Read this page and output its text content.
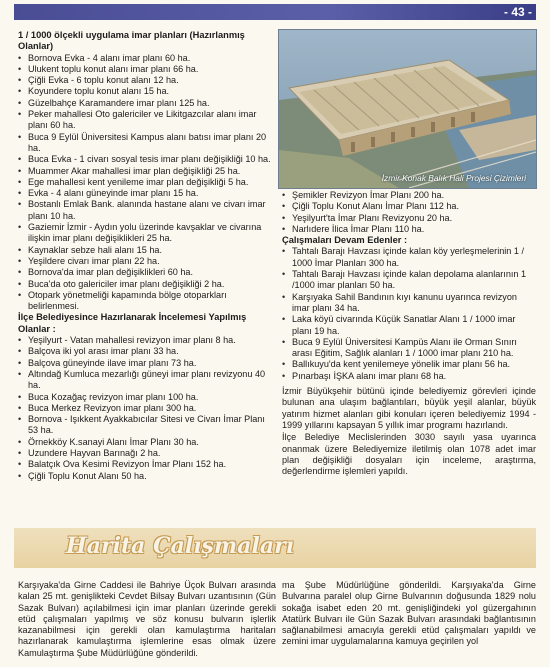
- 43 -

1 / 1000 ölçekli uygulama imar planları (Hazırlanmış Olanlar)

• Bornova Evka - 4 alanı imar planı 60 ha.
• Ulukent toplu konut alanı imar planı 66 ha.
• Çiğli Evka - 6 toplu konut alanı 12 ha.
• Koyundere toplu konut alanı 15 ha.
• Güzelbahçe Karamandere imar planı 125 ha.
• Peker mahallesi Oto galericiler ve Likitgazcılar alanı imar planı 60 ha.
• Buca 9 Eylül Üniversitesi Kampus alanı batısı imar planı 20 ha.
• Buca Evka - 1 civarı sosyal tesis imar planı değişikliği 10 ha.
• Muammer Akar mahallesi imar plan değişikliği 25 ha.
• Ege mahallesi kent yenileme imar plan değişikliği 5 ha.
• Evka - 4 alanı güneyinde imar planı 15 ha.
• Bostanlı Emlak Bank. alanında hastane alanı ve civarı imar planı 10 ha.
• Gaziemir İzmir - Aydın yolu üzerinde kavşaklar ve civarına ilişkin imar planı değişiklikleri 25 ha.
• Kaynaklar sebze hali alanı 15 ha.
• Yeşildere civarı imar planı 22 ha.
• Bornova'da imar plan değişiklikleri 60 ha.
• Buca'da oto galericiler imar planı değişikliği 2 ha.
• Otopark yönetmeliği kapamında bölge otoparkları belirlenmesi.

İlçe Belediyesince Hazırlanarak İncelemesi Yapılmış Olanlar :

• Yeşilyurt - Vatan mahallesi revizyon imar planı 8 ha.
• Balçova iki yol arası imar planı 33 ha.
• Balçova güneyinde ilave imar planı 73 ha.
• Altındağ Kumluca mezarlığı güneyi imar planı revizyonu 40 ha.
• Buca Kozağaç revizyon imar planı 100 ha.
• Buca Merkez Revizyon imar planı 300 ha.
• Bornova - Işıkkent Ayakkabıcılar Sitesi ve Civarı İmar Planı 53 ha.
• Örnekköy K.sanayi Alanı İmar Planı 30 ha.
• Uzundere Hayvan Barınağı 2 ha.
• Balatçık Ova Kesimi Revizyon İmar Planı 152 ha.
• Çiğli Toplu Konut Alanı 50 ha.
İzmir Konak Balık Hali Projesi Çizimleri
• Şemikler Revizyon İmar Planı 200 ha.
• Çiğli Toplu Konut Alanı İmar Planı 112 ha.
• Yeşilyurt'ta İmar Planı Revizyonu 20 ha.
• Narlıdere İlica İmar Planı 110 ha.

Çalışmaları Devam Edenler :

• Tahtalı Barajı Havzası içinde kalan köy yerleşmelerinin 1 / 1000 İmar Planları 300 ha.
• Tahtalı Barajı Havzası içinde kalan depolama alanlarının 1 /1000 imar planları 50 ha.
• Karşıyaka Sahil Bandının kıyı kanunu uyarınca revizyon imar planı 34 ha.
• Laka köyü civarında Küçük Sanatlar Alanı 1 / 1000 imar planı 19 ha.
• Buca 9 Eylül Üniversitesi Kampüs Alanı ile Orman Sınırı arası Eğitim, Sağlık alanları 1 / 1000 imar planı 210 ha.
• Ballıkuyu'da kent yenilemeye yönelik imar planı 56 ha.
• Pınarbaşı İŞKA alanı imar planı 68 ha.

İzmir Büyükşehir bütünü içinde belediyemiz görevleri içinde bulunan ana ulaşım bağlantıları, büyük yeşil alanlar, büyük yatırım hizmet alanları gibi konuları içeren belediyemiz 1994 - 1999 yıllarını kapsayan 5 yıllık imar programı hazırlandı.

İlçe Belediye Meclislerinden 3030 sayılı yasa uyarınca onanmak üzere Belediyemize iletilmiş olan 1078 adet imar plan değişikliği dosyaları için inceleme, araştırma, değerlendirme işlemleri yapıldı.

Harita Çalışmaları

Karşıyaka'da Girne Caddesi ile Bahriye Üçok Bulvarı arasında kalan 25 mt. genişlikteki Cevdet Bilsay Bulvarı uzantısının (Gün Sazak Bulvarı) açılabilmesi için imar planları üzerinde gerekli etüd çalışmaları yapılmış ve söz konusu bulvarın işlerlik kazanabilmesi için gerekli olan kamulaştırma haritaları hazırlanarak kamulaştırma işlemlerine esas olmak üzere Kamulaştırma Şube Müdürlüğüne gönderildi.

ma Şube Müdürlüğüne gönderildi. Karşıyaka'da Girne Bulvarına paralel olup Girne Bulvarının doğusunda 1829 nolu sokağa isabet eden 20 mt. genişliğindeki yol güzergahının Atatürk Bulvarı ile Gün Sazak Bulvarı arasındaki bağlantısının sağlanabilmesi amacıyla gerekli etüd çalışmaları yapıldı ve zemini imar uygulamalarına kamuya geçirilen yol
